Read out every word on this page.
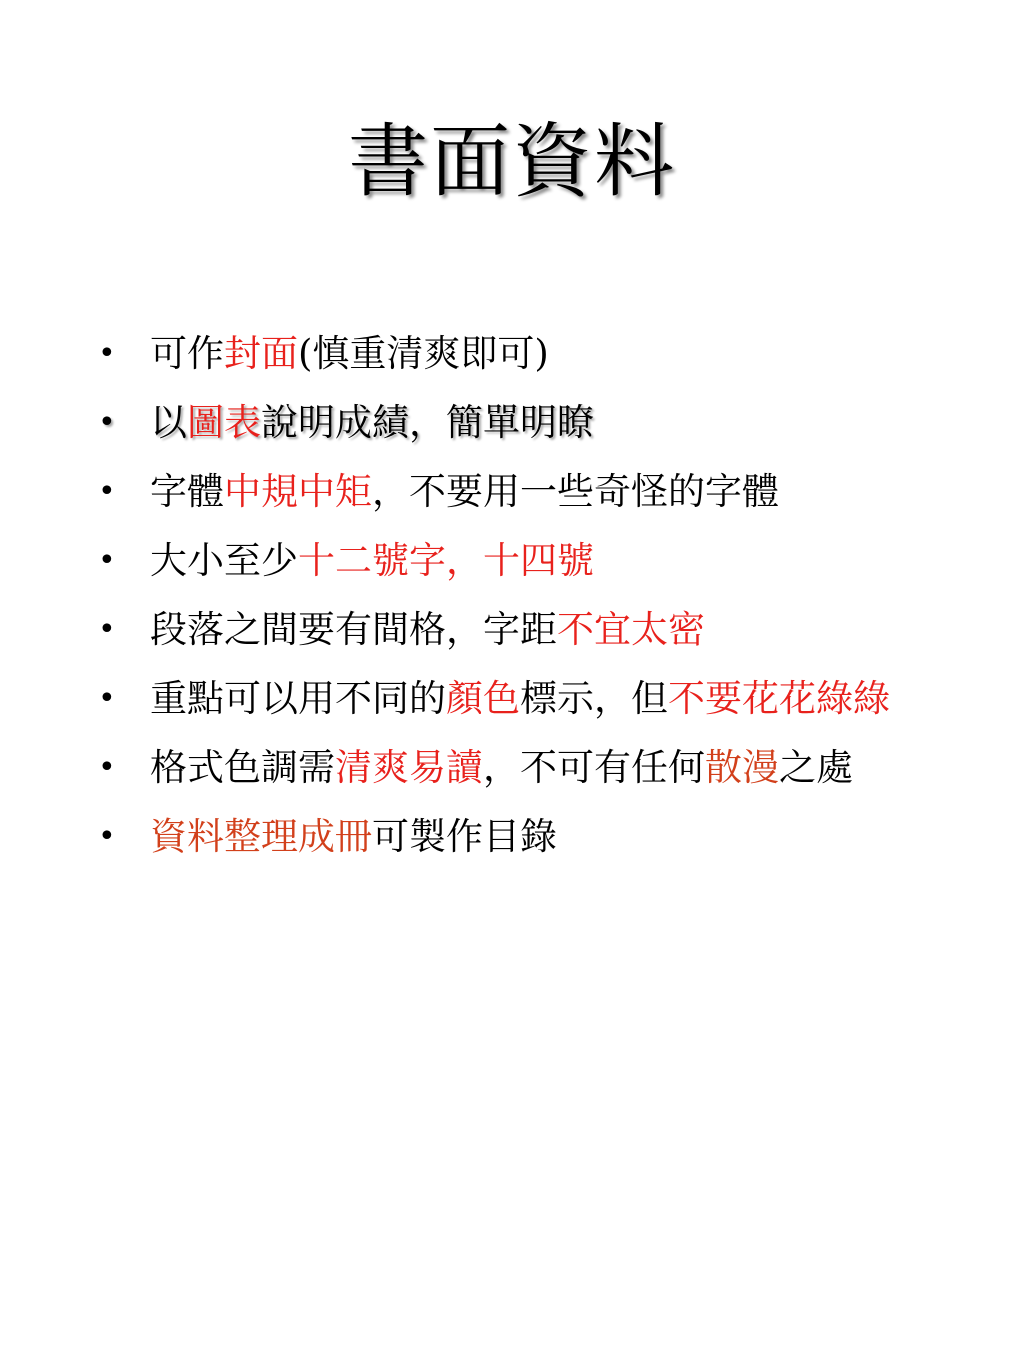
書面資料
• 可作封面(慎重清爽即可)
• 以圖表說明成績，簡單明瞭
• 字體中規中矩，不要用一些奇怪的字體
• 大小至少十二號字，十四號
• 段落之間要有間格，字距不宜太密
• 重點可以用不同的顏色標示，但不要花花綠綠
• 格式色調需清爽易讀，不可有任何散漫之處
• 資料整理成冊可製作目錄
